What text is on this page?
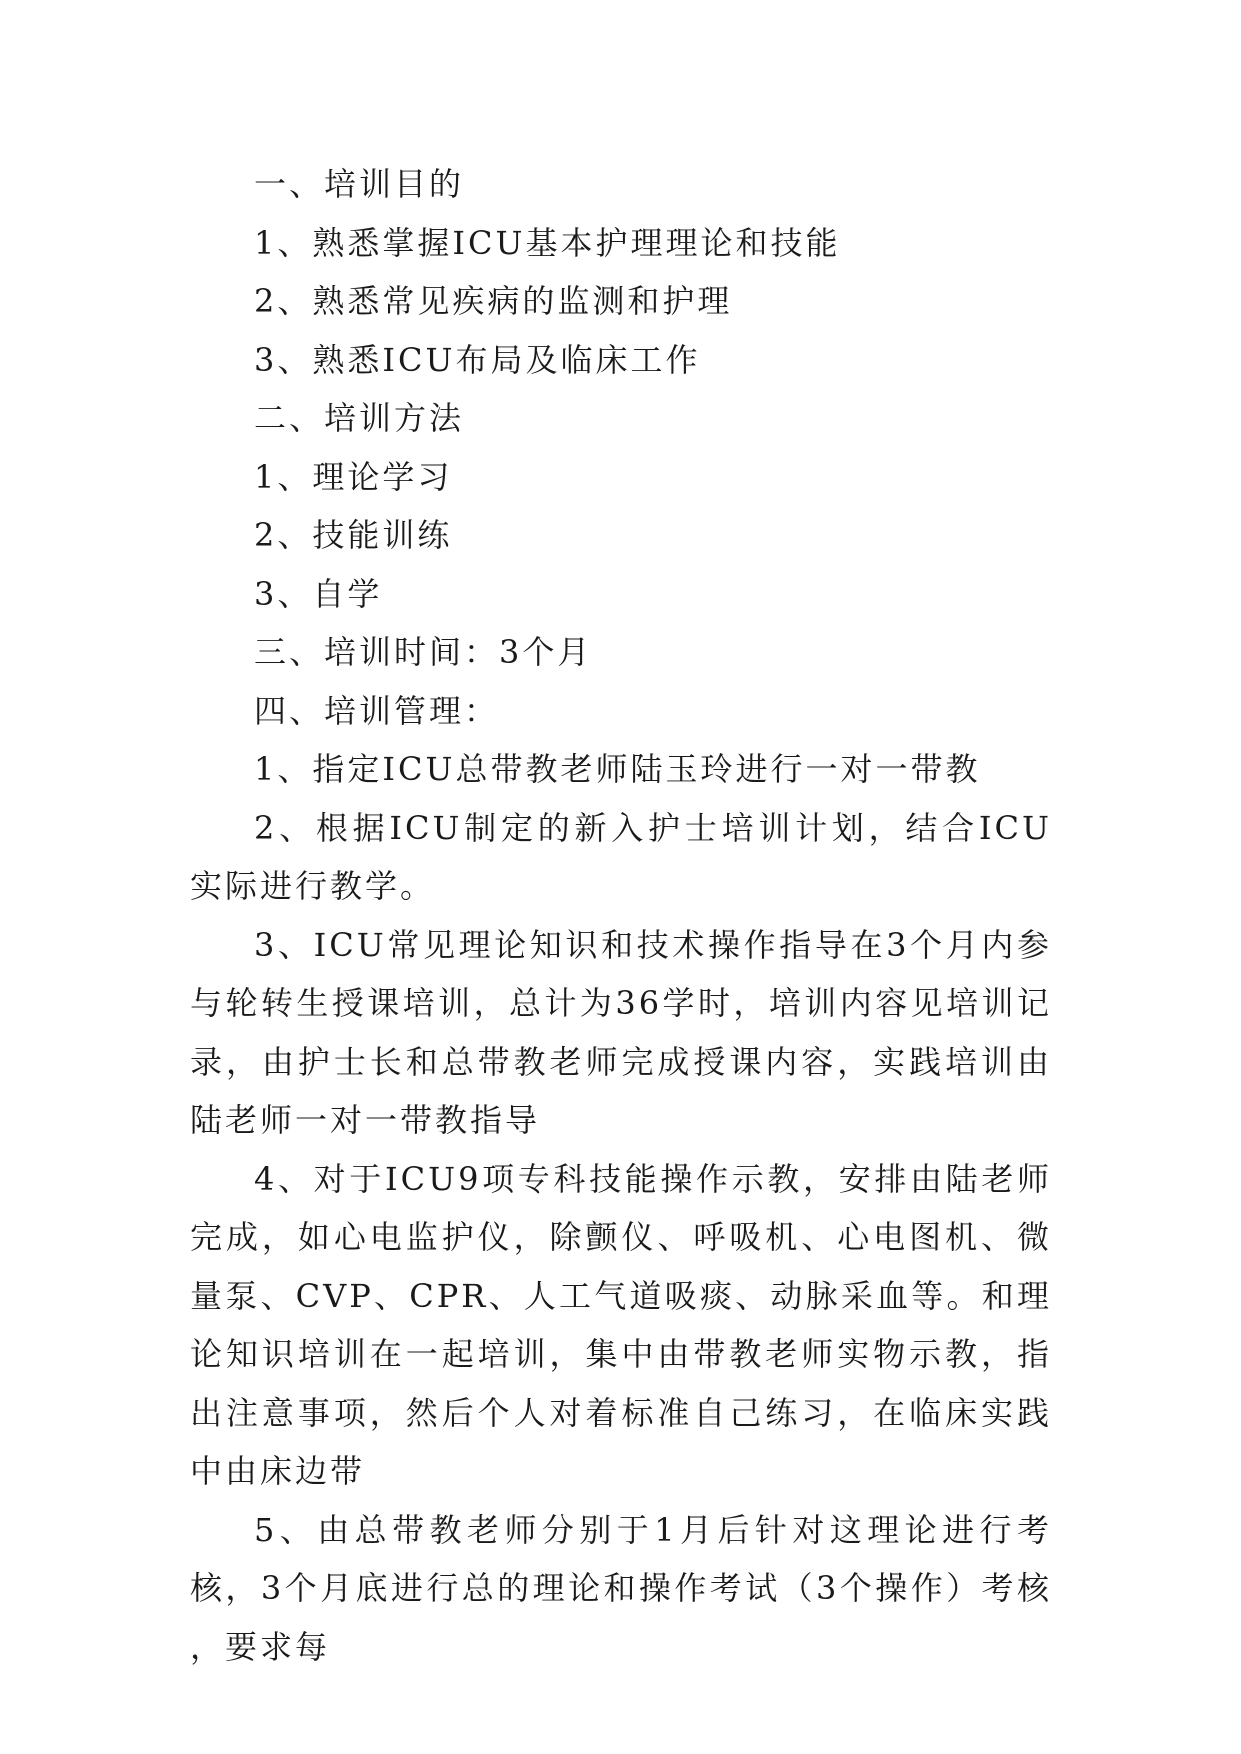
一、培训目的

1、熟悉掌握ICU基本护理理论和技能

2、熟悉常见疾病的监测和护理

3、熟悉ICU布局及临床工作

二、培训方法

1、理论学习

2、技能训练

3、自学

三、培训时间：3个月

四、培训管理：

1、指定ICU总带教老师陆玉玲进行一对一带教

2、根据ICU制定的新入护士培训计划，结合ICU实际进行教学。

3、ICU常见理论知识和技术操作指导在3个月内参与轮转生授课培训，总计为36学时，培训内容见培训记录，由护士长和总带教老师完成授课内容，实践培训由陆老师一对一带教指导

4、对于ICU9项专科技能操作示教，安排由陆老师完成，如心电监护仪，除颤仪、呼吸机、心电图机、微量泵、CVP、CPR、人工气道吸痰、动脉采血等。和理论知识培训在一起培训，集中由带教老师实物示教，指出注意事项，然后个人对着标准自己练习，在临床实践中由床边带

5、由总带教老师分别于1月后针对这理论进行考核，3个月底进行总的理论和操作考试（3个操作）考核 ，要求每
